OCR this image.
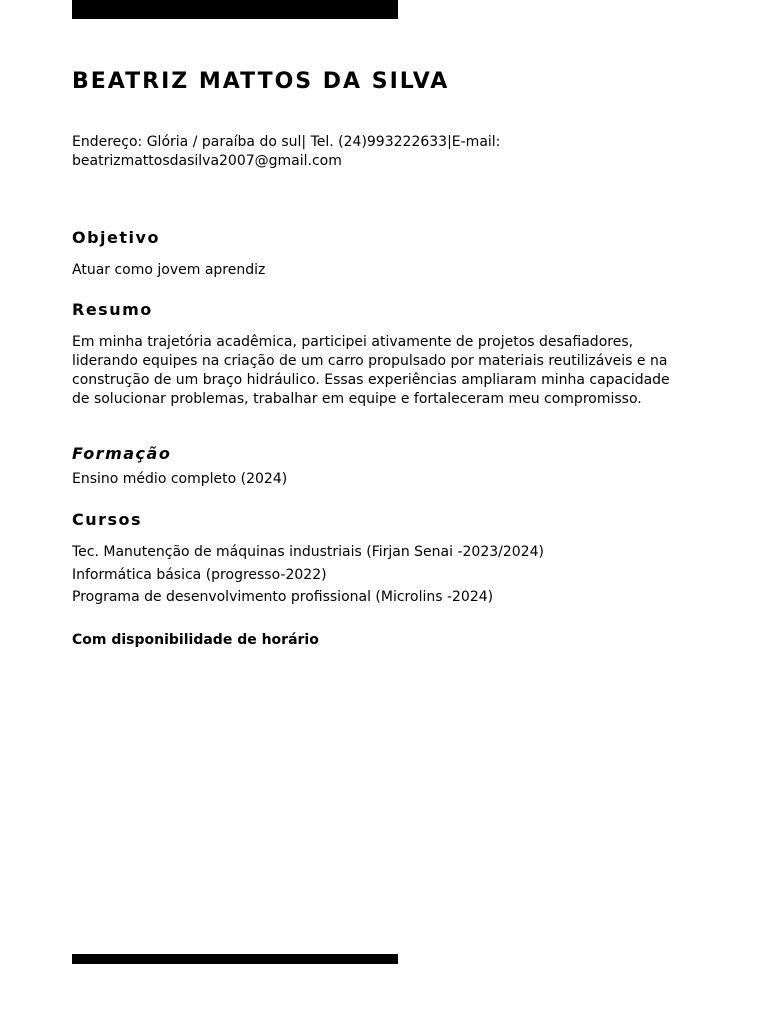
BEATRIZ MATTOS DA SILVA

Endereço: Glória / paraíba do sul| Tel. (24)993222633|E-mail:
beatrizmattosdasilva2007@gmail.com

Objetivo

Atuar como jovem aprendiz

Resumo

Em minha trajetória acadêmica, participei ativamente de projetos desafiadores,
liderando equipes na criação de um carro propulsado por materiais reutilizáveis e na
construção de um braço hidráulico. Essas experiências ampliaram minha capacidade
de solucionar problemas, trabalhar em equipe e fortaleceram meu compromisso.

Formação

Ensino médio completo (2024)

Cursos
Tec. Manutenção de máquinas industriais (Firjan Senai -2023/2024)
Informática básica (progresso-2022)
Programa de desenvolvimento profissional (Microlins -2024)

Com disponibilidade de horário
